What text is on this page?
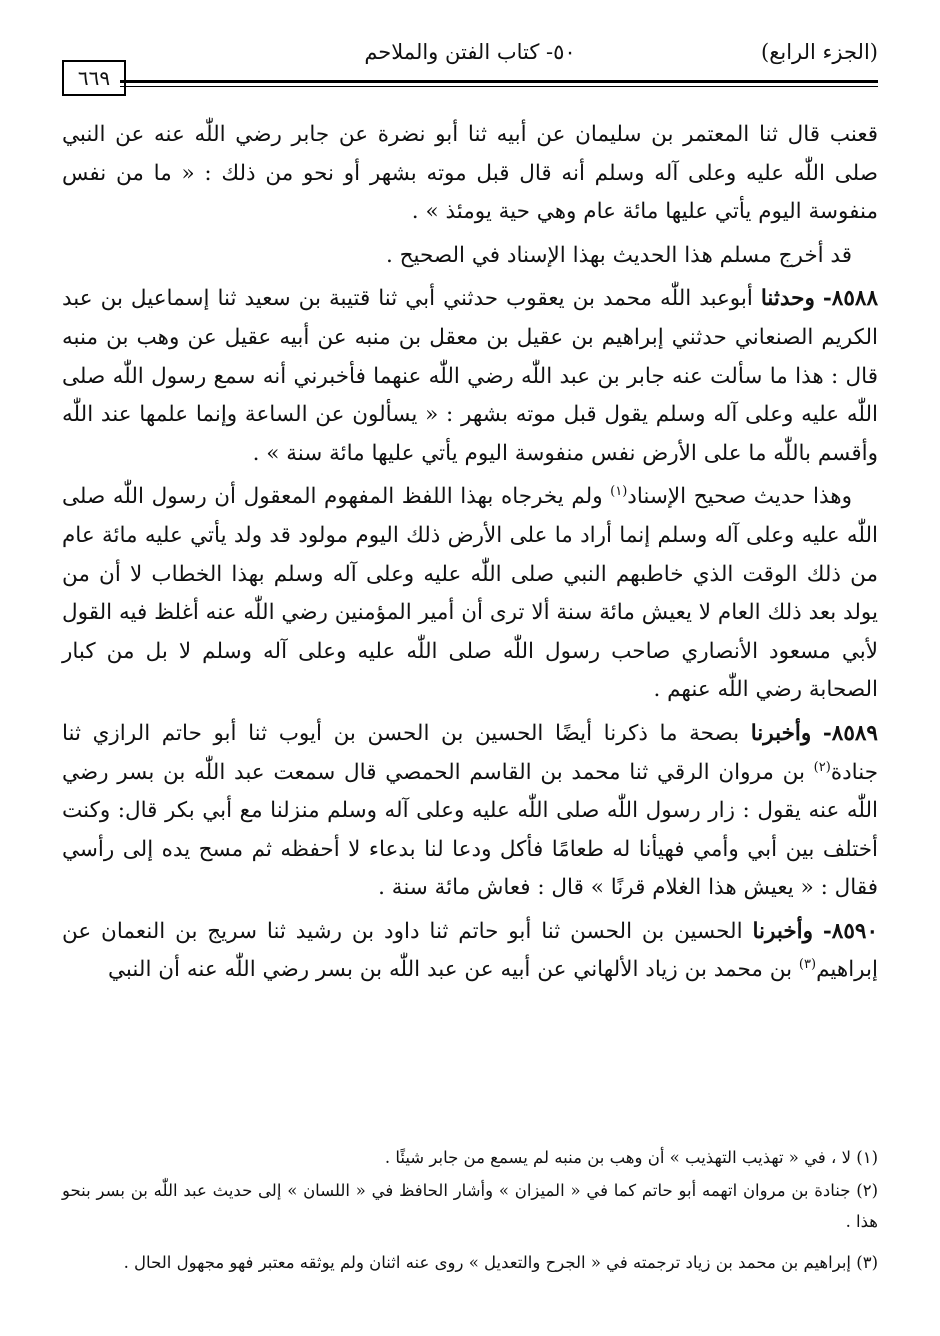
(الجزء الرابع)
٥٠- كتاب الفتن والملاحم
٦٦٩

قعنب قال ثنا المعتمر بن سليمان عن أبيه ثنا أبو نضرة عن جابر رضي اللّٰه عنه عن النبي صلى اللّٰه عليه وعلى آله وسلم أنه قال قبل موته بشهر أو نحو من ذلك : « ما من نفس منفوسة اليوم يأتي عليها مائة عام وهي حية يومئذ » .

قد أخرج مسلم هذا الحديث بهذا الإسناد في الصحيح .

٨٥٨٨- وحدثنا أبوعبد اللّٰه محمد بن يعقوب حدثني أبي ثنا قتيبة بن سعيد ثنا إسماعيل بن عبد الكريم الصنعاني حدثني إبراهيم بن عقيل بن معقل بن منبه عن أبيه عقيل عن وهب بن منبه قال : هذا ما سألت عنه جابر بن عبد اللّٰه رضي اللّٰه عنهما فأخبرني أنه سمع رسول اللّٰه صلى اللّٰه عليه وعلى آله وسلم يقول قبل موته بشهر : « يسألون عن الساعة وإنما علمها عند اللّٰه وأقسم باللّٰه ما على الأرض نفس منفوسة اليوم يأتي عليها مائة سنة » .

وهذا حديث صحيح الإسناد$^{(١)}$ ولم يخرجاه بهذا اللفظ المفهوم المعقول أن رسول اللّٰه صلى اللّٰه عليه وعلى آله وسلم إنما أراد ما على الأرض ذلك اليوم مولود قد ولد يأتي عليه مائة عام من ذلك الوقت الذي خاطبهم النبي صلى اللّٰه عليه وعلى آله وسلم بهذا الخطاب لا أن من يولد بعد ذلك العام لا يعيش مائة سنة ألا ترى أن أمير المؤمنين رضي اللّٰه عنه أغلظ فيه القول لأبي مسعود الأنصاري صاحب رسول اللّٰه صلى اللّٰه عليه وعلى آله وسلم لا بل من كبار الصحابة رضي اللّٰه عنهم .

٨٥٨٩- وأخبرنا بصحة ما ذكرنا أيضًا الحسين بن الحسن بن أيوب ثنا أبو حاتم الرازي ثنا جنادة$^{(٢)}$ بن مروان الرقي ثنا محمد بن القاسم الحمصي قال سمعت عبد اللّٰه بن بسر رضي اللّٰه عنه يقول : زار رسول اللّٰه صلى اللّٰه عليه وعلى آله وسلم منزلنا مع أبي بكر قال: وكنت أختلف بين أبي وأمي فهيأنا له طعامًا فأكل ودعا لنا بدعاء لا أحفظه ثم مسح يده إلى رأسي فقال : « يعيش هذا الغلام قرنًا » قال : فعاش مائة سنة .

٨٥٩٠- وأخبرنا الحسين بن الحسن ثنا أبو حاتم ثنا داود بن رشيد ثنا سريج بن النعمان عن إبراهيم$^{(٣)}$ بن محمد بن زياد الألهاني عن أبيه عن عبد اللّٰه بن بسر رضي اللّٰه عنه أن النبي

(١) لا ، في « تهذيب التهذيب » أن وهب بن منبه لم يسمع من جابر شيئًا .

(٢) جنادة بن مروان اتهمه أبو حاتم كما في « الميزان » وأشار الحافظ في « اللسان » إلى حديث عبد اللّٰه بن بسر بنحو هذا .

(٣) إبراهيم بن محمد بن زياد ترجمته في « الجرح والتعديل » روى عنه اثنان ولم يوثقه معتبر فهو مجهول الحال .
